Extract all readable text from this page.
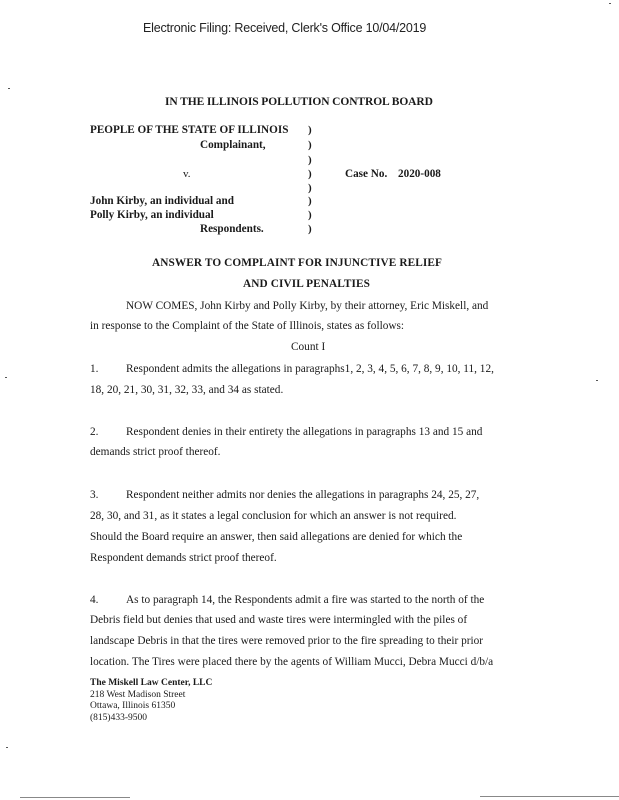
Electronic Filing: Received, Clerk's Office 10/04/2019
IN THE ILLINOIS POLLUTION CONTROL BOARD
PEOPLE OF THE STATE OF ILLINOIS
Complainant,
v.	Case No. 2020-008
John Kirby, an individual and
Polly Kirby, an individual
Respondents.
)
)
)
)
)
)
)
)
ANSWER TO COMPLAINT FOR INJUNCTIVE RELIEF
AND CIVIL PENALTIES
NOW COMES, John Kirby and Polly Kirby, by their attorney, Eric Miskell, and
in response to the Complaint of the State of Illinois, states as follows:
Count I
1. Respondent admits the allegations in paragraphs1, 2, 3, 4, 5, 6, 7, 8, 9, 10, 11, 12,
18, 20, 21, 30, 31, 32, 33, and 34 as stated.
2. Respondent denies in their entirety the allegations in paragraphs 13 and 15 and
demands strict proof thereof.
3. Respondent neither admits nor denies the allegations in paragraphs 24, 25, 27,
28, 30, and 31, as it states a legal conclusion for which an answer is not required.
Should the Board require an answer, then said allegations are denied for which the
Respondent demands strict proof thereof.
4. As to paragraph 14, the Respondents admit a fire was started to the north of the
Debris field but denies that used and waste tires were intermingled with the piles of
landscape Debris in that the tires were removed prior to the fire spreading to their prior
location. The Tires were placed there by the agents of William Mucci, Debra Mucci d/b/a
The Miskell Law Center, LLC
218 West Madison Street
Ottawa, Illinois 61350
(815)433-9500
